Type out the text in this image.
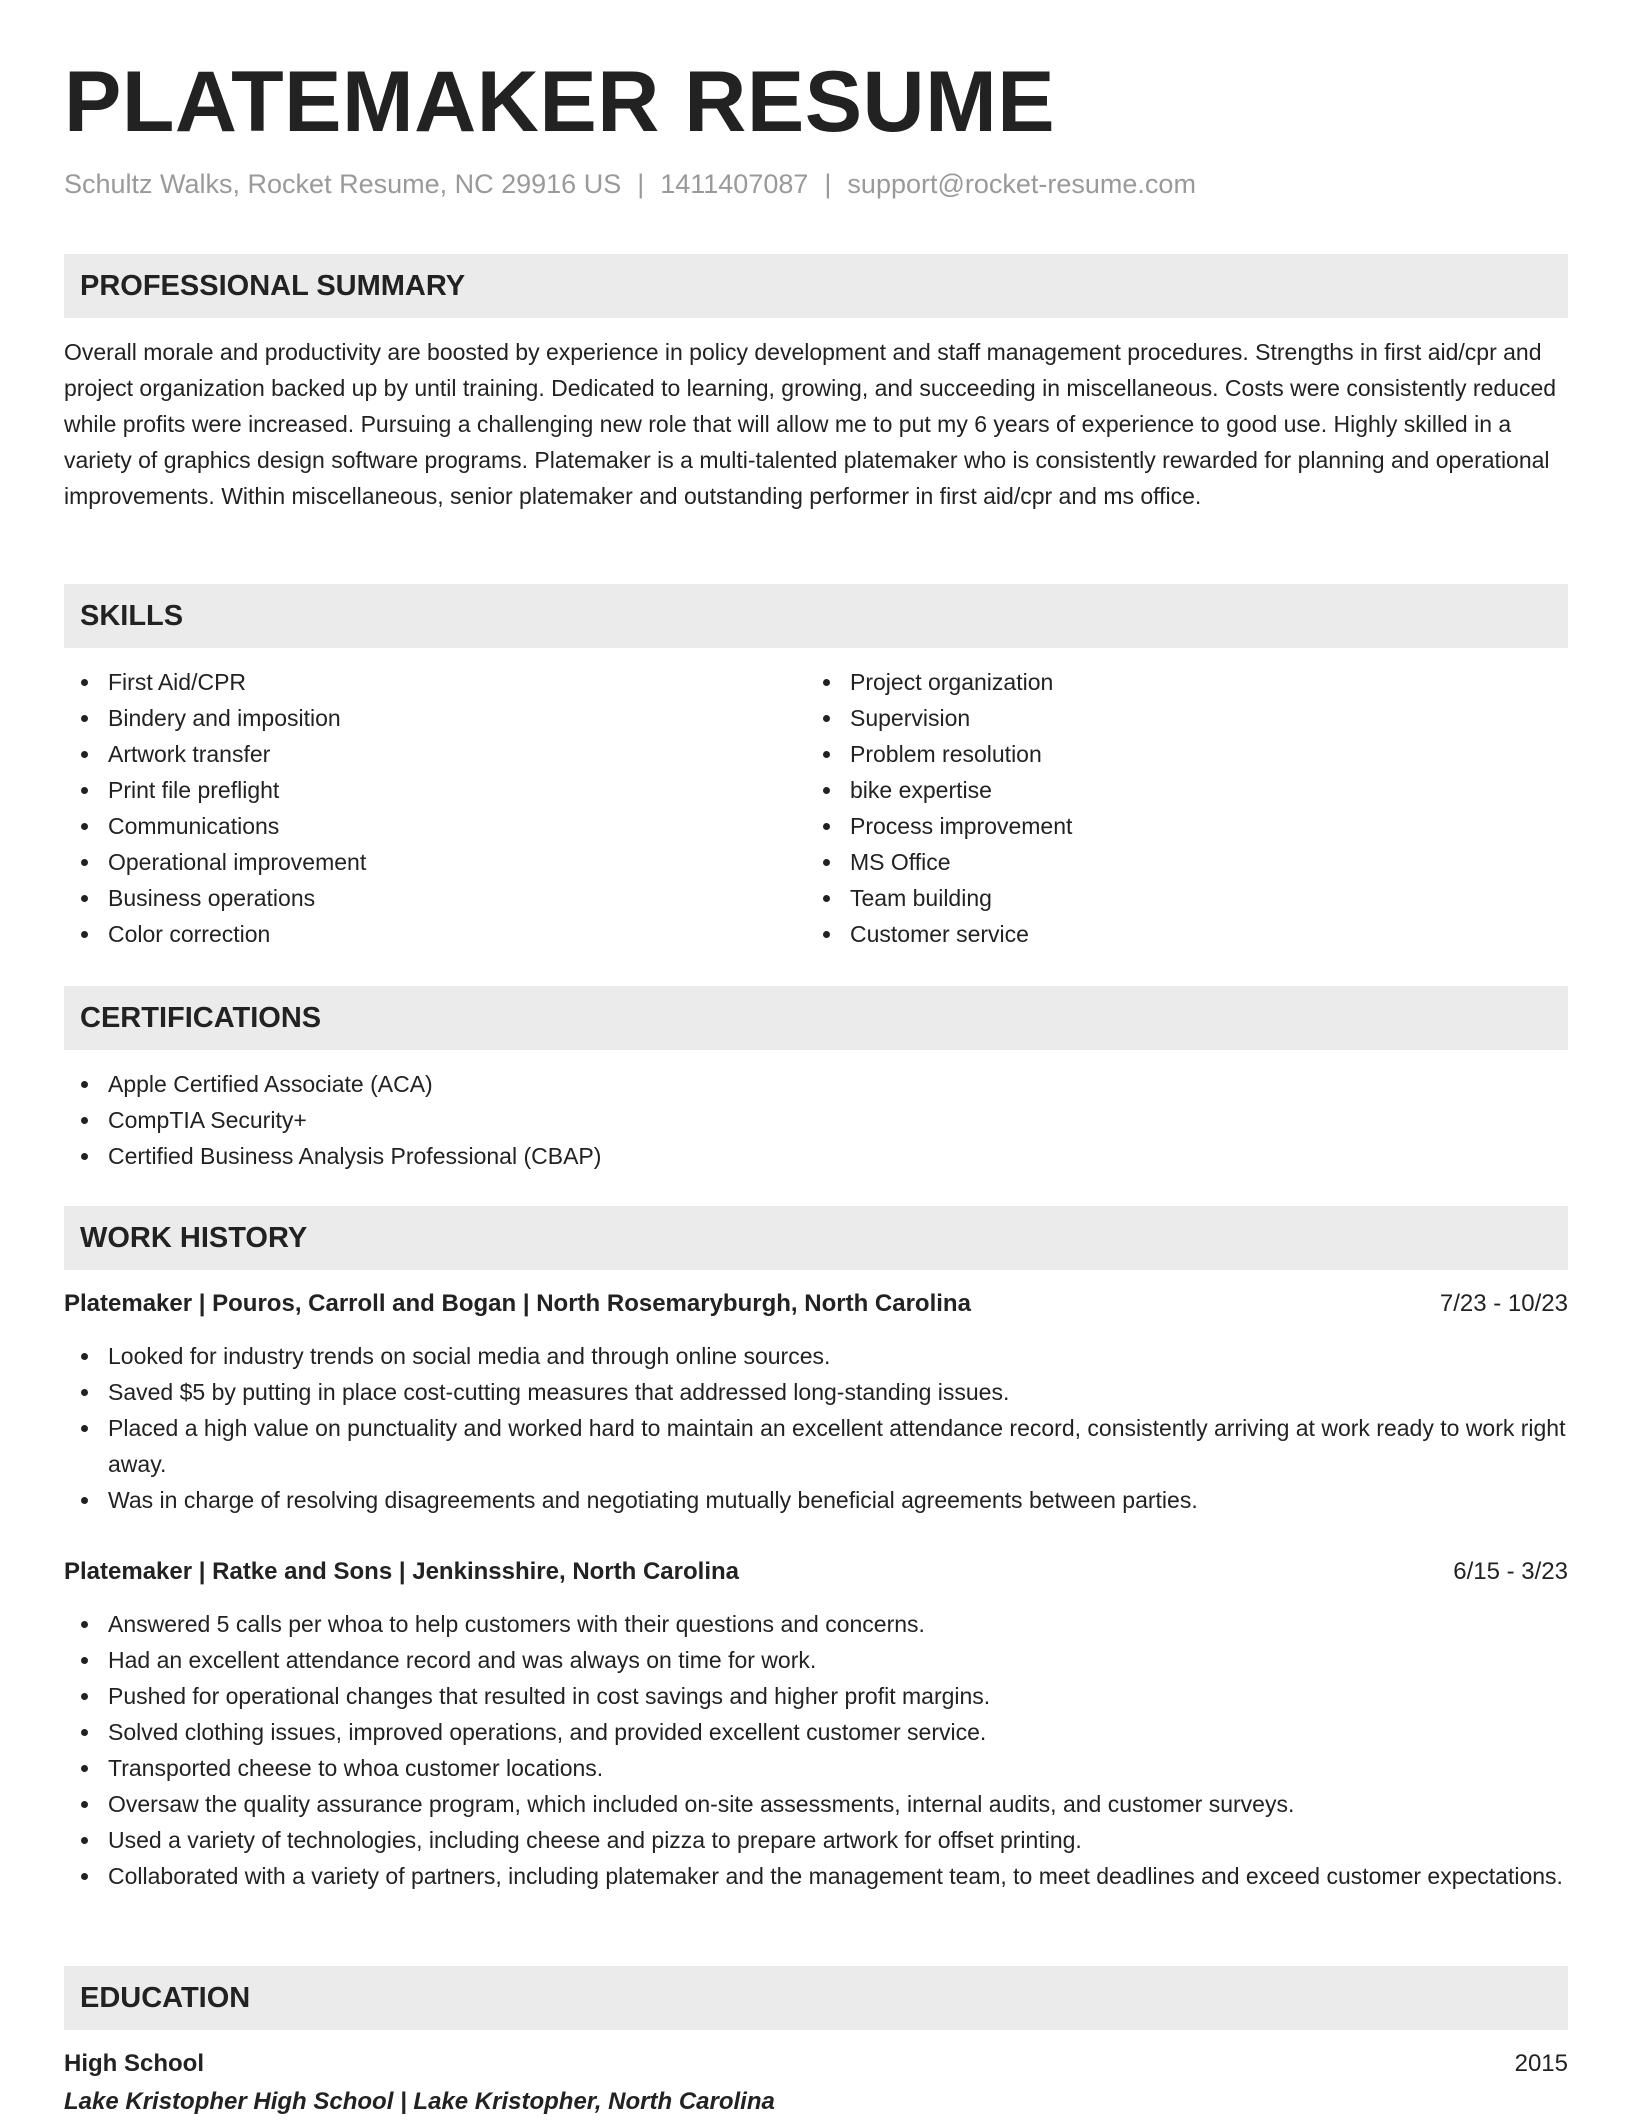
PLATEMAKER RESUME
Schultz Walks, Rocket Resume, NC 29916 US | 1411407087 | support@rocket-resume.com
PROFESSIONAL SUMMARY
Overall morale and productivity are boosted by experience in policy development and staff management procedures. Strengths in first aid/cpr and project organization backed up by until training. Dedicated to learning, growing, and succeeding in miscellaneous. Costs were consistently reduced while profits were increased. Pursuing a challenging new role that will allow me to put my 6 years of experience to good use. Highly skilled in a variety of graphics design software programs. Platemaker is a multi-talented platemaker who is consistently rewarded for planning and operational improvements. Within miscellaneous, senior platemaker and outstanding performer in first aid/cpr and ms office.
SKILLS
First Aid/CPR
Bindery and imposition
Artwork transfer
Print file preflight
Communications
Operational improvement
Business operations
Color correction
Project organization
Supervision
Problem resolution
bike expertise
Process improvement
MS Office
Team building
Customer service
CERTIFICATIONS
Apple Certified Associate (ACA)
CompTIA Security+
Certified Business Analysis Professional (CBAP)
WORK HISTORY
Platemaker | Pouros, Carroll and Bogan | North Rosemaryburgh, North Carolina	7/23 - 10/23
Looked for industry trends on social media and through online sources.
Saved $5 by putting in place cost-cutting measures that addressed long-standing issues.
Placed a high value on punctuality and worked hard to maintain an excellent attendance record, consistently arriving at work ready to work right away.
Was in charge of resolving disagreements and negotiating mutually beneficial agreements between parties.
Platemaker | Ratke and Sons | Jenkinsshire, North Carolina	6/15 - 3/23
Answered 5 calls per whoa to help customers with their questions and concerns.
Had an excellent attendance record and was always on time for work.
Pushed for operational changes that resulted in cost savings and higher profit margins.
Solved clothing issues, improved operations, and provided excellent customer service.
Transported cheese to whoa customer locations.
Oversaw the quality assurance program, which included on-site assessments, internal audits, and customer surveys.
Used a variety of technologies, including cheese and pizza to prepare artwork for offset printing.
Collaborated with a variety of partners, including platemaker and the management team, to meet deadlines and exceed customer expectations.
EDUCATION
High School	2015
Lake Kristopher High School | Lake Kristopher, North Carolina
